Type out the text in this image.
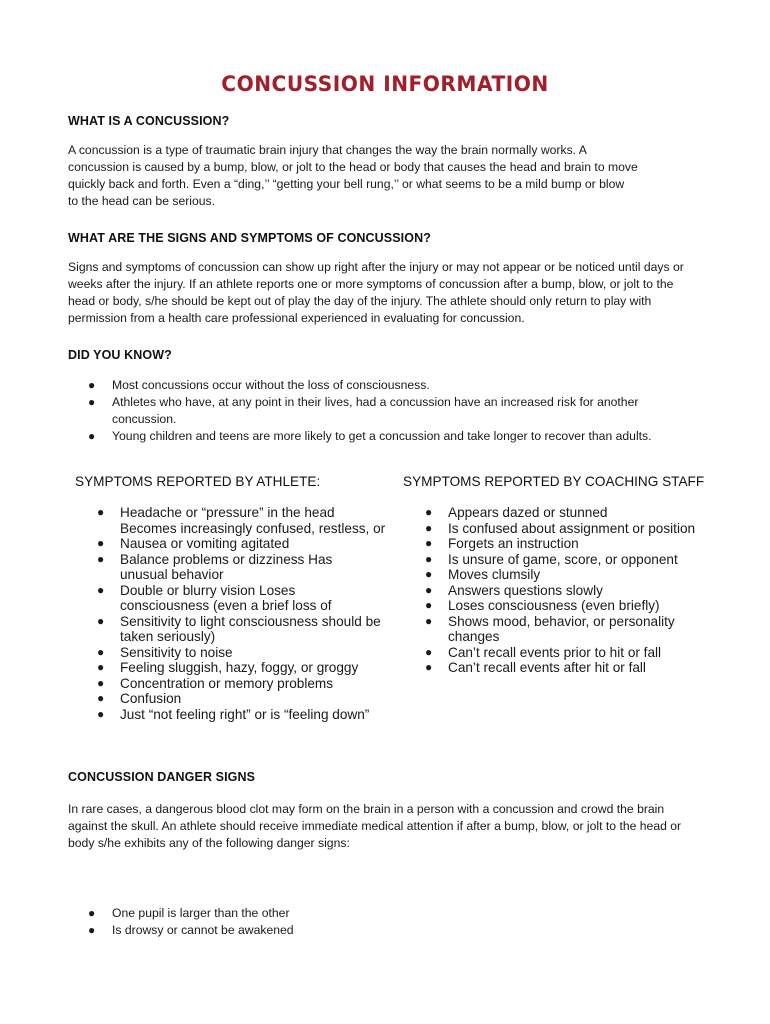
CONCUSSION INFORMATION
WHAT IS A CONCUSSION?
A concussion is a type of traumatic brain injury that changes the way the brain normally works. A
concussion is caused by a bump, blow, or jolt to the head or body that causes the head and brain to move
quickly back and forth. Even a “ding,’’ “getting your bell rung,’’ or what seems to be a mild bump or blow
to the head can be serious.
WHAT ARE THE SIGNS AND SYMPTOMS OF CONCUSSION?
Signs and symptoms of concussion can show up right after the injury or may not appear or be noticed until days or
weeks after the injury. If an athlete reports one or more symptoms of concussion after a bump, blow, or jolt to the
head or body, s/he should be kept out of play the day of the injury. The athlete should only return to play with
permission from a health care professional experienced in evaluating for concussion.
DID YOU KNOW?
● Most concussions occur without the loss of consciousness.
● Athletes who have, at any point in their lives, had a concussion have an increased risk for another
concussion.
● Young children and teens are more likely to get a concussion and take longer to recover than adults.
SYMPTOMS REPORTED BY ATHLETE:
● Headache or “pressure” in the head
Becomes increasingly confused, restless, or
● Nausea or vomiting agitated
● Balance problems or dizziness Has
unusual behavior
● Double or blurry vision Loses
consciousness (even a brief loss of
● Sensitivity to light consciousness should be
taken seriously)
● Sensitivity to noise
● Feeling sluggish, hazy, foggy, or groggy
● Concentration or memory problems
● Confusion
● Just “not feeling right” or is “feeling down”
SYMPTOMS REPORTED BY COACHING STAFF
● Appears dazed or stunned
● Is confused about assignment or position
● Forgets an instruction
● Is unsure of game, score, or opponent
● Moves clumsily
● Answers questions slowly
● Loses consciousness (even briefly)
● Shows mood, behavior, or personality
changes
● Can’t recall events prior to hit or fall
● Can’t recall events after hit or fall
CONCUSSION DANGER SIGNS
In rare cases, a dangerous blood clot may form on the brain in a person with a concussion and crowd the brain
against the skull. An athlete should receive immediate medical attention if after a bump, blow, or jolt to the head or
body s/he exhibits any of the following danger signs:
● One pupil is larger than the other
● Is drowsy or cannot be awakened
